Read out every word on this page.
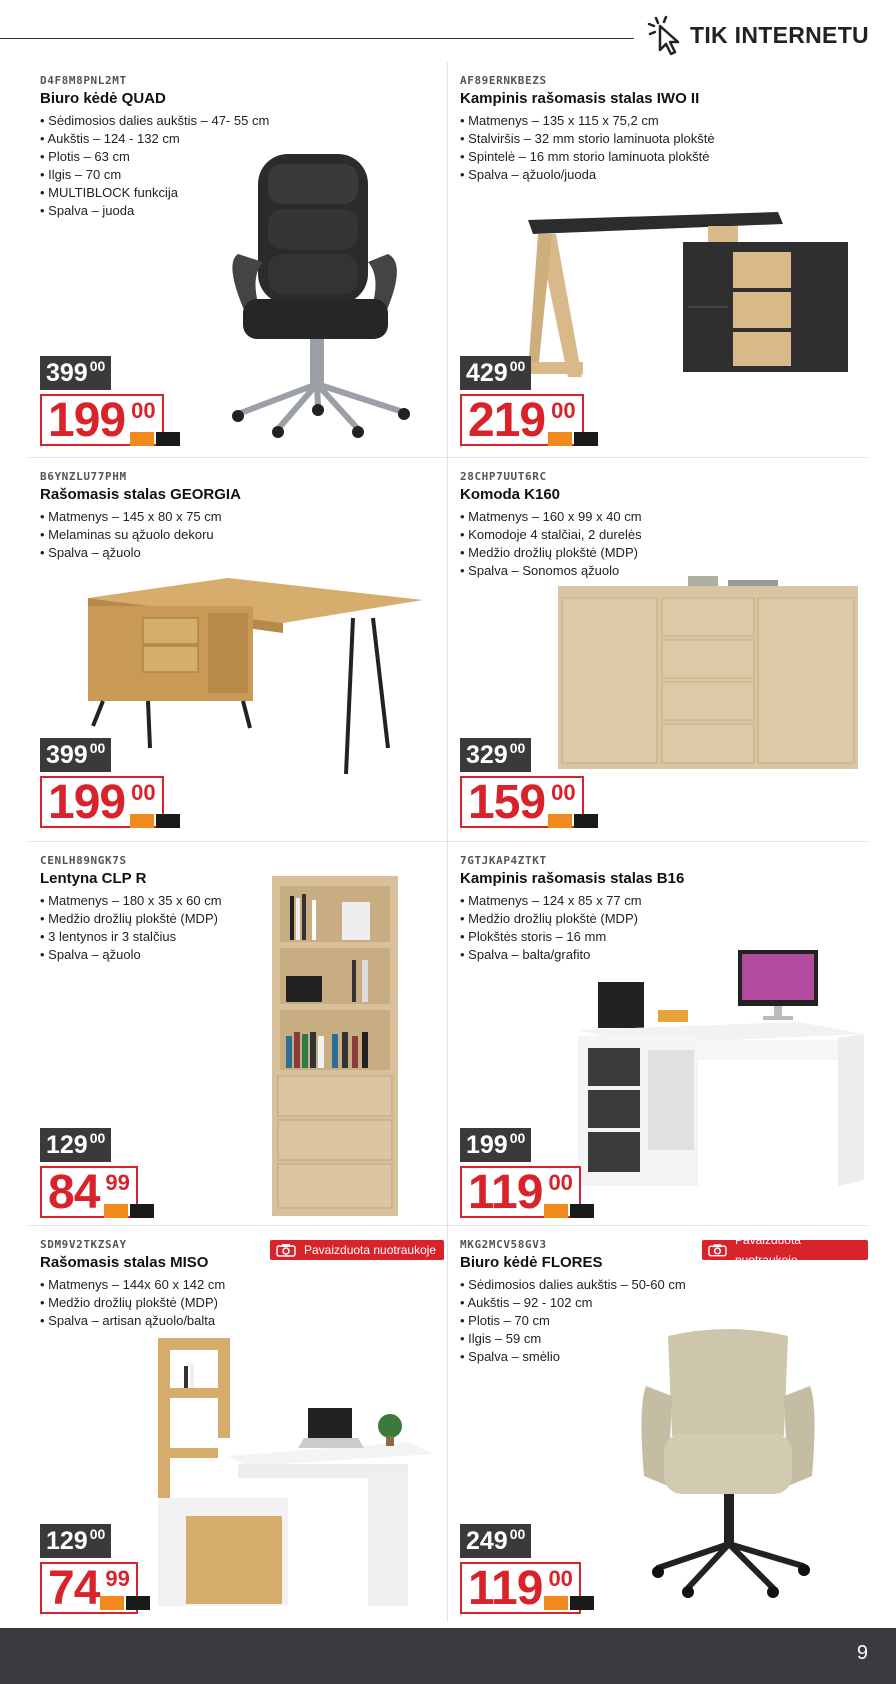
TIK INTERNETU
D4F8M8PNL2MT
Biuro kėdė QUAD
• Sėdimosios dalies aukštis – 47- 55 cm
• Aukštis – 124 - 132 cm
• Plotis – 63 cm
• Ilgis – 70 cm
• MULTIBLOCK funkcija
• Spalva – juoda
399 00
199 00
AF89ERNKBEZS
Kampinis rašomasis stalas IWO II
• Matmenys – 135 x 115 x 75,2 cm
• Stalviršis – 32 mm storio laminuota plokštė
• Spintelė – 16 mm storio laminuota plokštė
• Spalva – ąžuolo/juoda
429 00
219 00
B6YNZLU77PHM
Rašomasis stalas GEORGIA
• Matmenys – 145 x 80 x 75 cm
• Melaminas su ąžuolo dekoru
• Spalva – ąžuolo
399 00
199 00
28CHP7UUT6RC
Komoda K160
• Matmenys – 160 x 99 x 40 cm
• Komodoje 4 stalčiai, 2 durelės
• Medžio drožlių plokštė (MDP)
• Spalva – Sonomos ąžuolo
329 00
159 00
CENLH89NGK7S
Lentyna CLP R
• Matmenys – 180 x 35 x 60 cm
• Medžio drožlių plokštė (MDP)
• 3 lentynos ir 3 stalčius
• Spalva – ąžuolo
129 00
84 99
7GTJKAP4ZTKT
Kampinis rašomasis stalas B16
• Matmenys – 124 x 85 x 77 cm
• Medžio drožlių plokštė (MDP)
• Plokštės storis – 16 mm
• Spalva – balta/grafito
199 00
119 00
SDM9V2TKZSAY	Pavaizduota nuotraukoje
Rašomasis stalas MISO
• Matmenys – 144x 60 x 142 cm
• Medžio drožlių plokštė (MDP)
• Spalva – artisan ąžuolo/balta
129 00
74 99
MKG2MCV58GV3	Pavaizduota nuotraukoje
Biuro kėdė FLORES
• Sėdimosios dalies aukštis – 50-60 cm
• Aukštis – 92 - 102 cm
• Plotis – 70 cm
• Ilgis – 59 cm
• Spalva – smėlio
249 00
119 00
9
